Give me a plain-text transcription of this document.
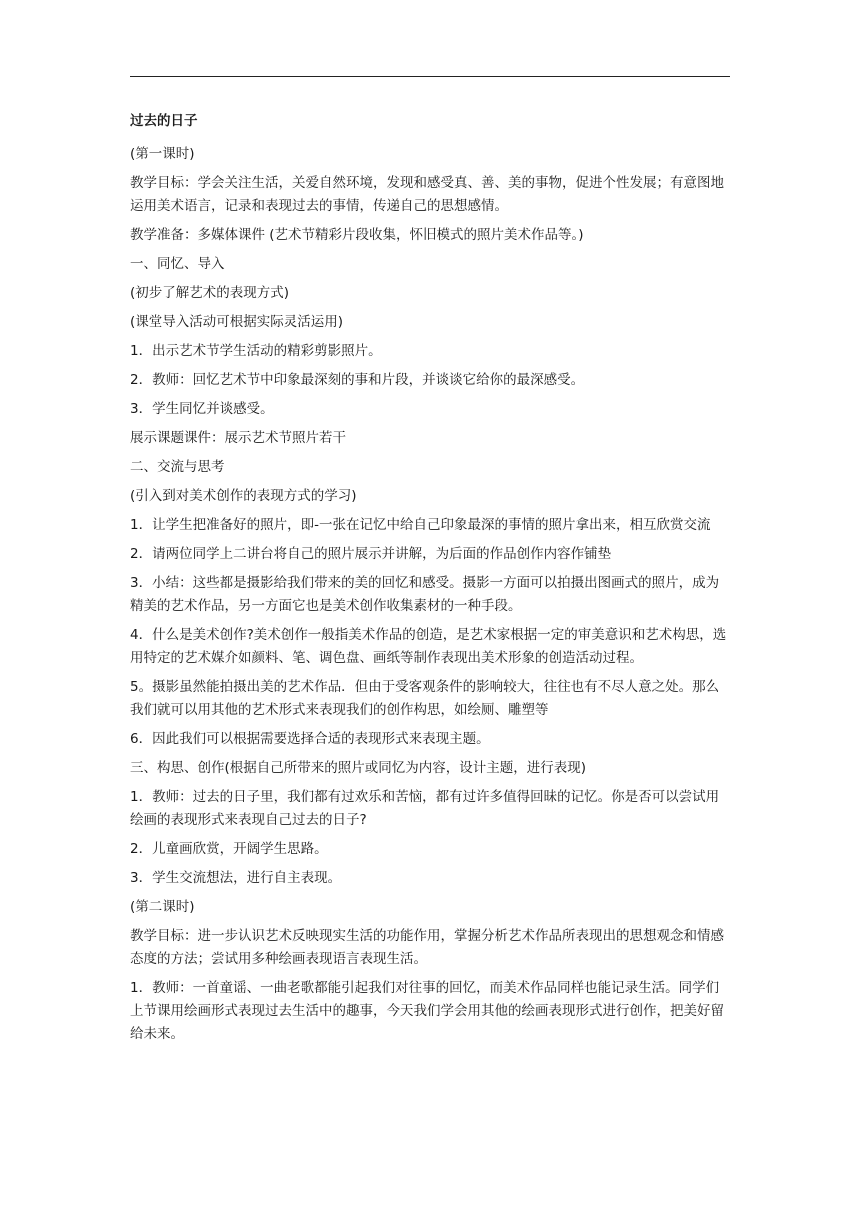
过去的日子

(第一课时)

教学目标：学会关注生活，关爱自然环境，发现和感受真、善、美的事物，促进个性发展；有意图地运用美术语言，记录和表现过去的事情，传递自己的思想感情。

教学准备：多媒体课件 (艺术节精彩片段收集，怀旧模式的照片美术作品等。)

一、同忆、导入

(初步了解艺术的表现方式)

(课堂导入活动可根据实际灵活运用)

1．出示艺术节学生活动的精彩剪影照片。

2．教师：回忆艺术节中印象最深刻的事和片段，并谈谈它给你的最深感受。

3．学生同忆并谈感受。

展示课题课件：展示艺术节照片若干

二、交流与思考

(引入到对美术创作的表现方式的学习)

1．让学生把准备好的照片，即-一张在记忆中给自己印象最深的事情的照片拿出来，相互欣赏交流

2．请两位同学上二讲台将自己的照片展示并讲解，为后面的作品创作内容作铺垫

3．小结：这些都是摄影给我们带来的美的回忆和感受。摄影一方面可以拍摄出图画式的照片，成为精美的艺术作品，另一方面它也是美术创作收集素材的一种手段。

4．什么是美术创作?美术创作一般指美术作品的创造，是艺术家根据一定的审美意识和艺术构思，选用特定的艺术媒介如颜料、笔、调色盘、画纸等制作表现出美术形象的创造活动过程。

5。摄影虽然能拍摄出美的艺术作品．但由于受客观条件的影响较大，往往也有不尽人意之处。那么我们就可以用其他的艺术形式来表现我们的创作构思，如绘厕、雕塑等

6．因此我们可以根据需要选择合适的表现形式来表现主题。

三、构思、创作(根据自己所带来的照片或同忆为内容，设计主题，进行表现)

1．教师：过去的日子里，我们都有过欢乐和苦恼，都有过许多值得回昧的记忆。你是否可以尝试用绘画的表现形式来表现自己过去的日子?

2．儿童画欣赏，开阔学生思路。

3．学生交流想法，进行自主表现。

(第二课时)

教学目标：进一步认识艺术反映现实生活的功能作用，掌握分析艺术作品所表现出的思想观念和情感态度的方法；尝试用多种绘画表现语言表现生活。

1．教师：一首童谣、一曲老歌都能引起我们对往事的回忆，而美术作品同样也能记录生活。同学们上节课用绘画形式表现过去生活中的趣事，今天我们学会用其他的绘画表现形式进行创作，把美好留给未来。
